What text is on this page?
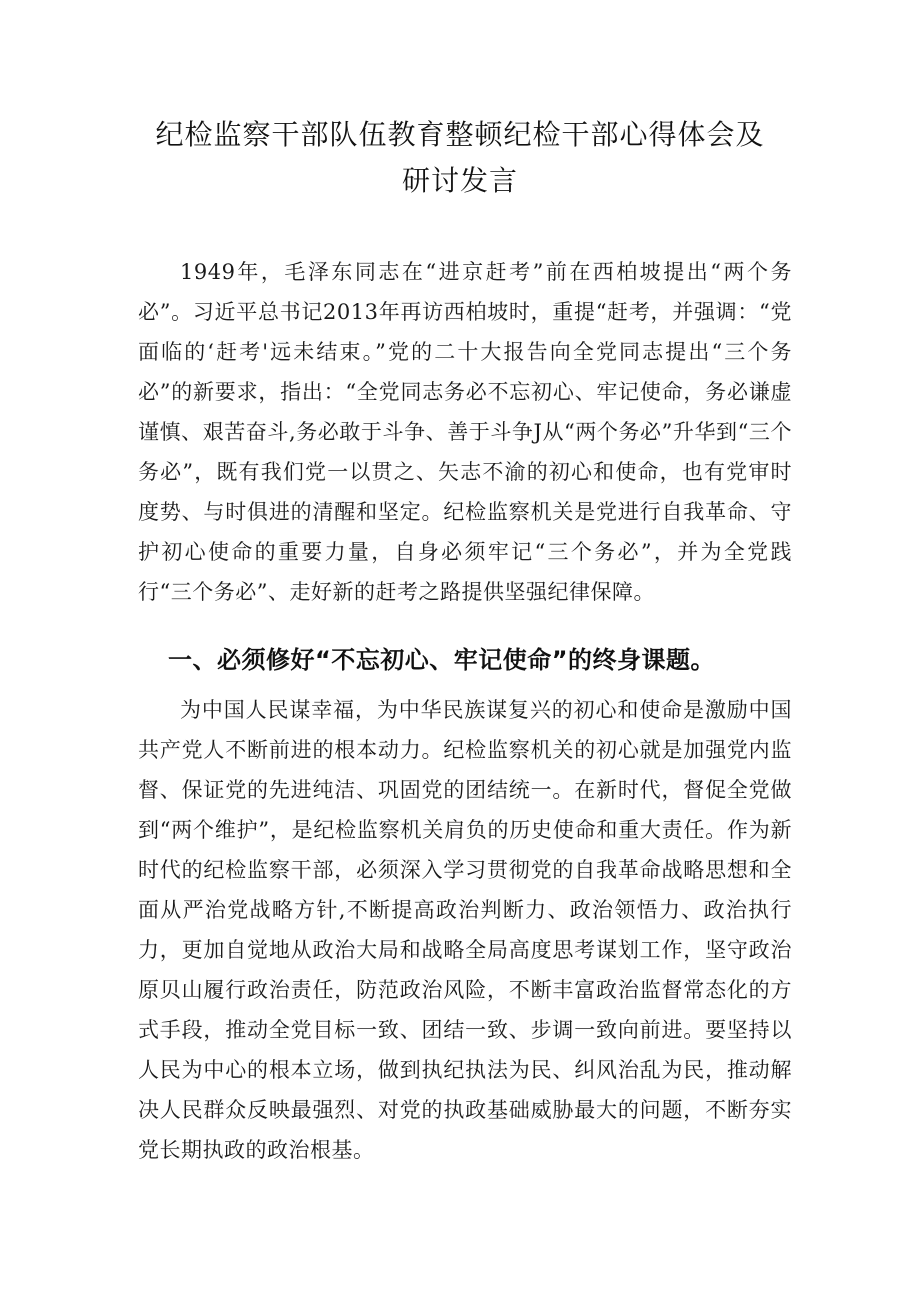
纪检监察干部队伍教育整顿纪检干部心得体会及研讨发言

1949年，毛泽东同志在“进京赶考”前在西柏坡提出“两个务必”。习近平总书记2013年再访西柏坡时，重提“赶考，并强调：“党面临的‘赶考'远未结束。”党的二十大报告向全党同志提出“三个务必”的新要求，指出：“全党同志务必不忘初心、牢记使命，务必谦虚谨慎、艰苦奋斗,务必敢于斗争、善于斗争J从“两个务必”升华到“三个务必”，既有我们党一以贯之、矢志不渝的初心和使命，也有党审时度势、与时俱进的清醒和坚定。纪检监察机关是党进行自我革命、守护初心使命的重要力量，自身必须牢记“三个务必”，并为全党践行“三个务必”、走好新的赶考之路提供坚强纪律保障。

一、必须修好“不忘初心、牢记使命”的终身课题。

为中国人民谋幸福，为中华民族谋复兴的初心和使命是激励中国共产党人不断前进的根本动力。纪检监察机关的初心就是加强党内监督、保证党的先进纯洁、巩固党的团结统一。在新时代，督促全党做到“两个维护”，是纪检监察机关肩负的历史使命和重大责任。作为新时代的纪检监察干部，必须深入学习贯彻党的自我革命战略思想和全面从严治党战略方针,不断提高政治判断力、政治领悟力、政治执行力，更加自觉地从政治大局和战略全局高度思考谋划工作，坚守政治原贝山履行政治责任，防范政治风险，不断丰富政治监督常态化的方式手段，推动全党目标一致、团结一致、步调一致向前进。要坚持以人民为中心的根本立场，做到执纪执法为民、纠风治乱为民，推动解决人民群众反映最强烈、对党的执政基础威胁最大的问题，不断夯实党长期执政的政治根基。
